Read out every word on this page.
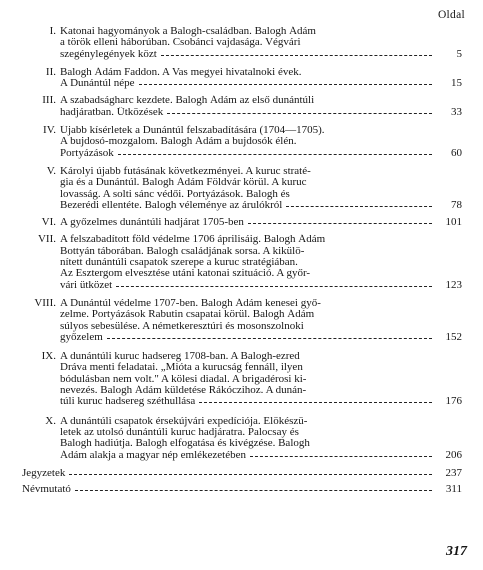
Oldal
I. Katonai hagyományok a Balogh-családban. Balogh Ádám
a török elleni háborúban. Csobánci vajdasága. Végvári
szegénylegények közt	5
II. Balogh Ádám Faddon. A Vas megyei hivatalnoki évek.
A Dunántúl népe	15
III. A szabadságharc kezdete. Balogh Ádám az első dunántúli
hadjáratban. Ütközések	33
IV. Újabb kísérletek a Dunántúl felszabadítására (1704—1705).
A bujdosó-mozgalom. Balogh Ádám a bujdosók élén.
Portyázások	60
V. Károlyi újabb futásának következményei. A kuruc straté-
gia és a Dunántúl. Balogh Ádám Földvár körül. A kuruc
lovasság. A solti sánc védői. Portyázások. Balogh és
Bezerédi ellentéte. Balogh véleménye az árulókról	78
VI. A győzelmes dunántúli hadjárat 1705-ben	101
VII. A felszabadított föld védelme 1706 áprilisáig. Balogh Ádám
Bottyán táborában. Balogh családjának sorsa. A kikülö-
nített dunántúli csapatok szerepe a kuruc stratégiában.
Az Esztergom elvesztése utáni katonai szituáció. A győr-
vári ütközet	123
VIII. A Dunántúl védelme 1707-ben. Balogh Ádám kenesei győ-
zelme. Portyázások Rabutin csapatai körül. Balogh Ádám
súlyos sebesülése. A németkeresztúri és mosonszolnoki
győzelem	152
IX. A dunántúli kuruc hadsereg 1708-ban. A Balogh-ezred
Dráva menti feladatai. „Mióta a kurucság fennáll, ilyen
bódulásban nem volt." A kölesi diadal. A brigadérosi ki-
nevezés. Balogh Ádám küldetése Rákóczihoz. A dunán-
túli kuruc hadsereg széthullása	176
X. A dunántúli csapatok érsekújvári expedíciója. Elökészü-
letek az utolsó dunántúli kuruc hadjáratra. Palocsay és
Balogh hadiútja. Balogh elfogatása és kivégzése. Balogh
Ádám alakja a magyar nép emlékezetében	206
Jegyzetek	237
Névmutató	311
317
